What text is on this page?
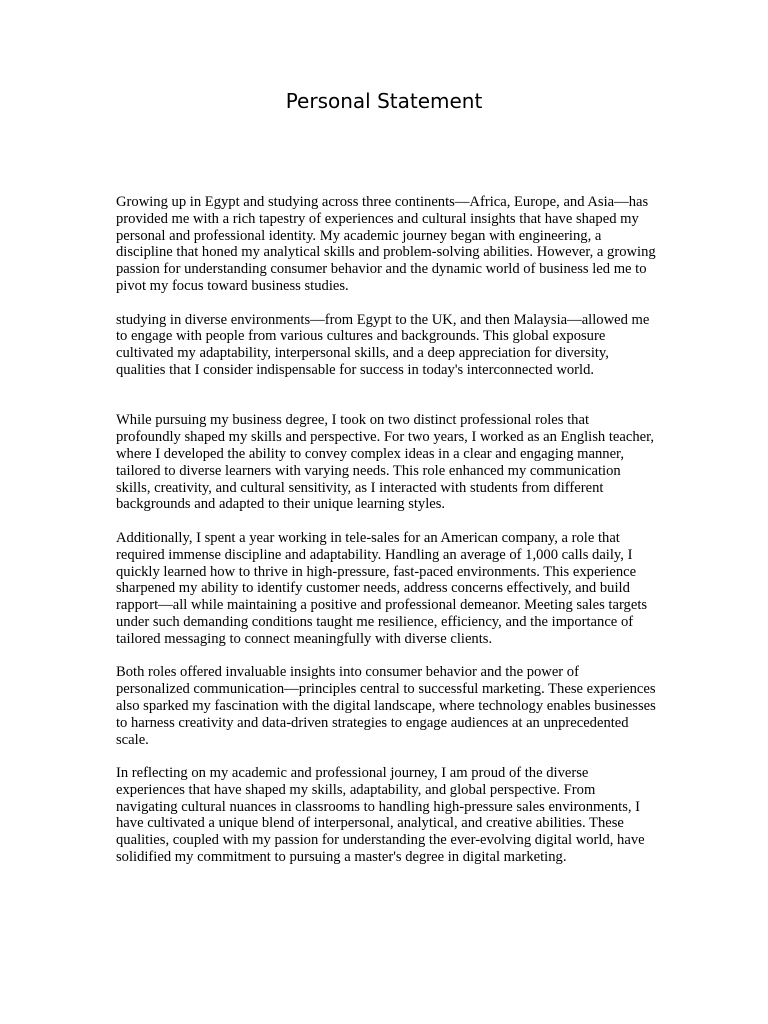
Personal Statement

Growing up in Egypt and studying across three continents—Africa, Europe, and Asia—has provided me with a rich tapestry of experiences and cultural insights that have shaped my personal and professional identity. My academic journey began with engineering, a discipline that honed my analytical skills and problem-solving abilities. However, a growing passion for understanding consumer behavior and the dynamic world of business led me to pivot my focus toward business studies.

studying in diverse environments—from Egypt to the UK, and then Malaysia—allowed me to engage with people from various cultures and backgrounds. This global exposure cultivated my adaptability, interpersonal skills, and a deep appreciation for diversity, qualities that I consider indispensable for success in today's interconnected world.

While pursuing my business degree, I took on two distinct professional roles that profoundly shaped my skills and perspective. For two years, I worked as an English teacher, where I developed the ability to convey complex ideas in a clear and engaging manner, tailored to diverse learners with varying needs. This role enhanced my communication skills, creativity, and cultural sensitivity, as I interacted with students from different backgrounds and adapted to their unique learning styles.

Additionally, I spent a year working in tele-sales for an American company, a role that required immense discipline and adaptability. Handling an average of 1,000 calls daily, I quickly learned how to thrive in high-pressure, fast-paced environments. This experience sharpened my ability to identify customer needs, address concerns effectively, and build rapport—all while maintaining a positive and professional demeanor. Meeting sales targets under such demanding conditions taught me resilience, efficiency, and the importance of tailored messaging to connect meaningfully with diverse clients.

Both roles offered invaluable insights into consumer behavior and the power of personalized communication—principles central to successful marketing. These experiences also sparked my fascination with the digital landscape, where technology enables businesses to harness creativity and data-driven strategies to engage audiences at an unprecedented scale.

In reflecting on my academic and professional journey, I am proud of the diverse experiences that have shaped my skills, adaptability, and global perspective. From navigating cultural nuances in classrooms to handling high-pressure sales environments, I have cultivated a unique blend of interpersonal, analytical, and creative abilities. These qualities, coupled with my passion for understanding the ever-evolving digital world, have solidified my commitment to pursuing a master's degree in digital marketing.
